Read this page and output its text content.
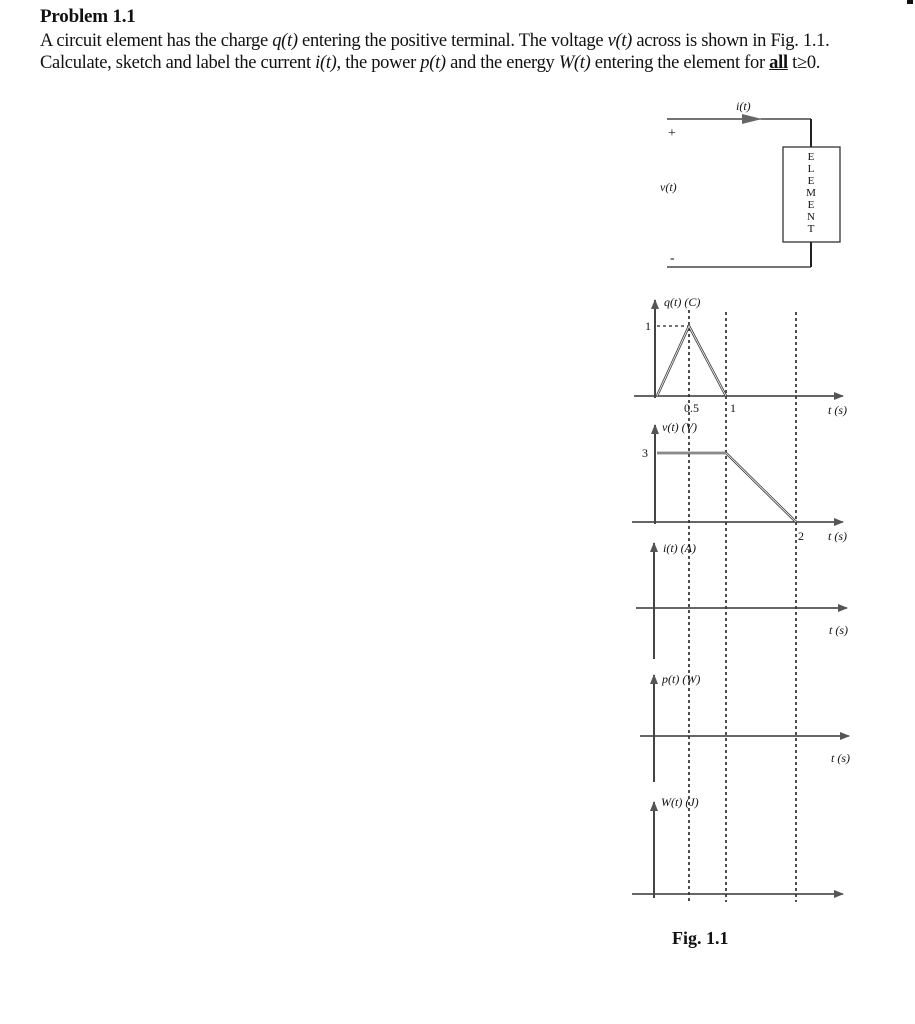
Problem 1.1
A circuit element has the charge q(t) entering the positive terminal. The voltage v(t) across is shown in Fig. 1.1.
Calculate, sketch and label the current i(t), the power p(t) and the energy W(t) entering the element for all t≥0.
i(t)
E
L
E
M
E
N
T
+
-
v(t)
q(t) (C)
1
0.5	1	t (s)
v(t) (V)
3
2 t (s)
i(t) (A)
t (s)
p(t) (W)
t (s)
W(t) (J)
Fig. 1.1
